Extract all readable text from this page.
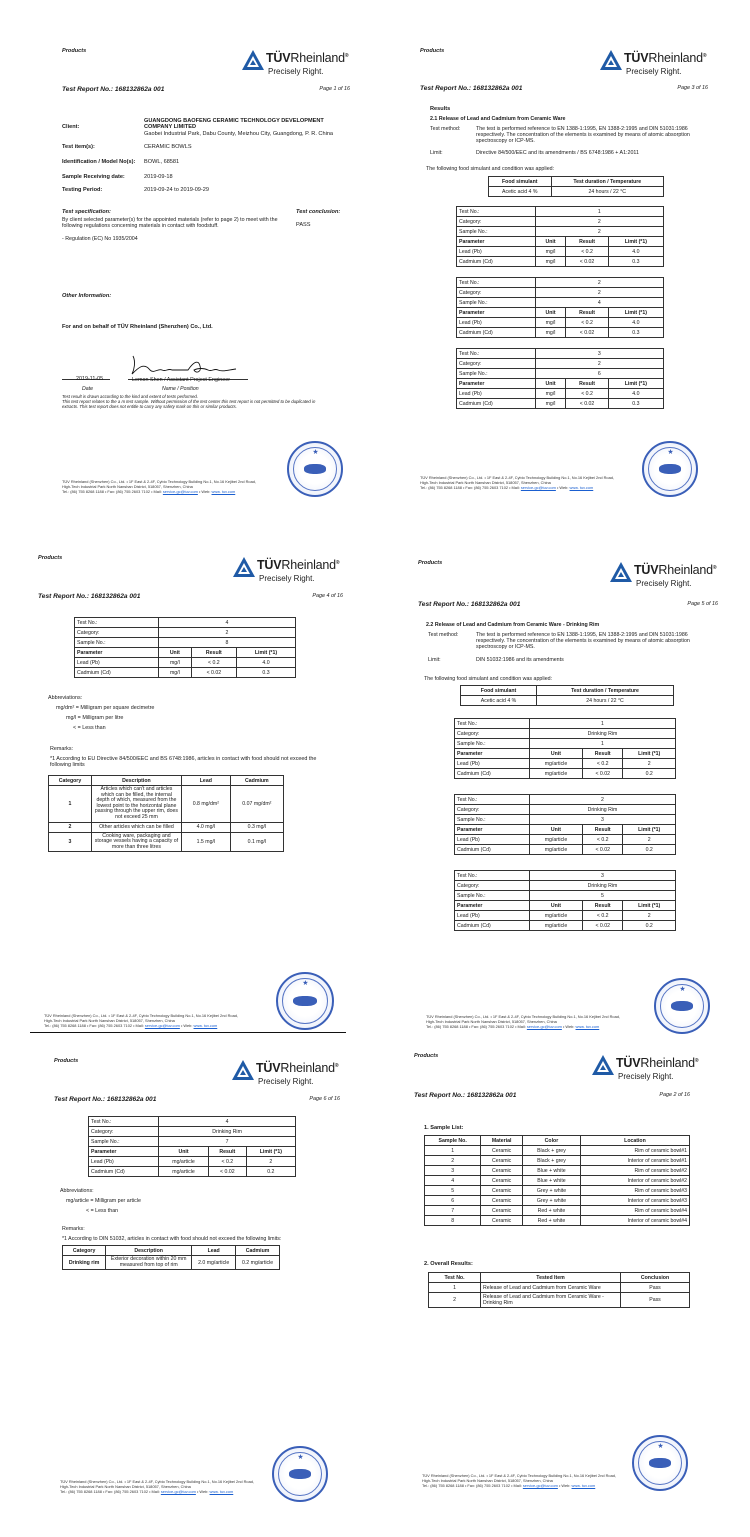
Products	TÜVRheinland®
Precisely Right.
Test Report No.: 168132862a 001	Page 1 of 16
Client:
GUANGDONG BAOFENG CERAMIC TECHNOLOGY DEVELOPMENT COMPANY LIMITED
Gaobei Industrial Park, Dabu County, Meizhou City, Guangdong, P. R. China
Test item(s):	CERAMIC BOWLS
Identification / Model No(s): BOWL, 68581
Sample Receiving date:	2019-09-18
Testing Period:	2019-09-24 to 2019-09-29
Test specification:	Test conclusion:
By client selected parameter(s) for the appointed materials (refer to page 2) to meet with the following regulations concerning materials in contact with foodstuff.	PASS
- Regulation (EC) No 1935/2004
Other Information:
For and on behalf of TÜV Rheinland (Shenzhen) Co., Ltd.
2019-11-05
Date
Lemon Shen / Assistant Project Engineer
Name / Position
Test result is drawn according to the kind and extent of tests performed.
This test report relates to the a m test sample. Without permission of the test center this test report is not permitted to be duplicated in
extracts. This test report does not entitle to carry any safety mark on this or similar products.
★
TÜV Rheinland (Shenzhen) Co., Ltd. • 1F East & 2-4F, Cybio Technology Building No.1, No.16 Kejibei 2nd Road,
High-Tech Industrial Park North Nanshan District, 518057, Shenzhen, China
Tel.: (86) 755 8268 1188 • Fax: (86) 755 2603 7102 • Mail: service-gc@tuv.com • Web: www. tuv.com
Products	TÜVRheinland®
Precisely Right.
Test Report No.: 168132862a 001	Page 3 of 16
Results
2.1 Release of Lead and Cadmium from Ceramic Ware
Test method:	The test is performed reference to EN 1388-1:1995, EN 1388-2:1995 and DIN 51031:1986 respectively. The concentration of the elements is examined by means of atomic absorption spectroscopy or ICP-MS.
Limit:	Directive 84/500/EEC and its amendments / BS 6748:1986 + A1:2011
The following food simulant and condition was applied:
Food simulant	Test duration / Temperature
Acetic acid 4 %	24 hours / 22 °C
Test No.:	1		
Category:	2		
Sample No.:	2		
Parameter	Unit	Result	Limit (*1)
Lead (Pb)	mg/l	< 0.2	4.0
Cadmium (Cd)	mg/l	< 0.02	0.3
Test No.:	2		
Category:	2		
Sample No.:	4		
Parameter	Unit	Result	Limit (*1)
Lead (Pb)	mg/l	< 0.2	4.0
Cadmium (Cd)	mg/l	< 0.02	0.3
Test No.:	3		
Category:	2		
Sample No.:	6		
Parameter	Unit	Result	Limit (*1)
Lead (Pb)	mg/l	< 0.2	4.0
Cadmium (Cd)	mg/l	< 0.02	0.3
★
TÜV Rheinland (Shenzhen) Co., Ltd. • 1F East & 2-4F, Cybio Technology Building No.1, No.16 Kejibei 2nd Road,
High-Tech Industrial Park North Nanshan District, 518057, Shenzhen, China
Tel.: (86) 755 8268 1188 • Fax: (86) 755 2603 7102 • Mail: service-gc@tuv.com • Web: www. tuv.com
Products	TÜVRheinland®
Precisely Right.
Test Report No.: 168132862a 001	Page 4 of 16
Test No.:	4		
Category:	2		
Sample No.:	8		
Parameter	Unit	Result	Limit (*1)
Lead (Pb)	mg/l	< 0.2	4.0
Cadmium (Cd)	mg/l	< 0.02	0.3
Abbreviations:
mg/dm² = Milligram per square decimetre
mg/l = Milligram per litre
< = Less than
Remarks:
*1 According to EU Directive 84/500/EEC and BS 6748:1986, articles in contact with food should not exceed the following limits
Category	Description	Lead	Cadmium
1	Articles which can't and articles which can be filled, the internal depth of which, measured from the lowest point to the horizontal plane passing through the upper rim, does not exceed 25 mm	0.8 mg/dm²	0.07 mg/dm²
2	Other articles which can be filled	4.0 mg/l	0.3 mg/l
3	Cooking ware, packaging and storage vessels having a capacity of more than three litres	1.5 mg/l	0.1 mg/l
★
TÜV Rheinland (Shenzhen) Co., Ltd. • 1F East & 2-4F, Cybio Technology Building No.1, No.16 Kejibei 2nd Road,
High-Tech Industrial Park North Nanshan District, 518057, Shenzhen, China
Tel.: (86) 755 8268 1188 • Fax: (86) 755 2603 7102 • Mail: service-gc@tuv.com • Web: www. tuv.com
Products	TÜVRheinland®
Precisely Right.
Test Report No.: 168132862a 001	Page 5 of 16
2.2 Release of Lead and Cadmium from Ceramic Ware - Drinking Rim
Test method:	The test is performed reference to EN 1388-1:1995, EN 1388-2:1995 and DIN 51031:1986 respectively. The concentration of the elements is examined by means of atomic absorption spectroscopy or ICP-MS.
Limit:	DIN 51032:1986 and its amendments
The following food simulant and condition was applied:
Food simulant	Test duration / Temperature
Acetic acid 4 %	24 hours / 22 °C
Test No.:	1		
Category:	Drinking Rim		
Sample No.:	1		
Parameter	Unit	Result	Limit (*1)
Lead (Pb)	mg/article	< 0.2	2
Cadmium (Cd)	mg/article	< 0.02	0.2
Test No.:	2		
Category:	Drinking Rim		
Sample No.:	3		
Parameter	Unit	Result	Limit (*1)
Lead (Pb)	mg/article	< 0.2	2
Cadmium (Cd)	mg/article	< 0.02	0.2
Test No.:	3		
Category:	Drinking Rim		
Sample No.:	5		
Parameter	Unit	Result	Limit (*1)
Lead (Pb)	mg/article	< 0.2	2
Cadmium (Cd)	mg/article	< 0.02	0.2
★
TÜV Rheinland (Shenzhen) Co., Ltd. • 1F East & 2-4F, Cybio Technology Building No.1, No.16 Kejibei 2nd Road,
High-Tech Industrial Park North Nanshan District, 518057, Shenzhen, China
Tel.: (86) 755 8268 1188 • Fax: (86) 755 2603 7102 • Mail: service-gc@tuv.com • Web: www. tuv.com
Products	TÜVRheinland®
Precisely Right.
Test Report No.: 168132862a 001	Page 6 of 16
Test No.:	4		
Category:	Drinking Rim		
Sample No.:	7		
Parameter	Unit	Result	Limit (*1)
Lead (Pb)	mg/article	< 0.2	2
Cadmium (Cd)	mg/article	< 0.02	0.2
Abbreviations:
mg/article = Milligram per article
< = Less than
Remarks:
*1 According to DIN 51032, articles in contact with food should not exceed the following limits:
Category	Description	Lead	Cadmium
Drinking rim	Exterior decoration within 20 mm measured from top of rim	2.0 mg/article	0.2 mg/article
★
TÜV Rheinland (Shenzhen) Co., Ltd. • 1F East & 2-4F, Cybio Technology Building No.1, No.16 Kejibei 2nd Road,
High-Tech Industrial Park North Nanshan District, 518057, Shenzhen, China
Tel.: (86) 755 8268 1188 • Fax: (86) 755 2603 7102 • Mail: service-gc@tuv.com • Web: www. tuv.com
Products	TÜVRheinland®
Precisely Right.
Test Report No.: 168132862a 001	Page 2 of 16
1. Sample List:
Sample No.	Material	Color	Location
1	Ceramic	Black + grey	Rim of ceramic bowl#1
2	Ceramic	Black + grey	Interior of ceramic bowl#1
3	Ceramic	Blue + white	Rim of ceramic bowl#2
4	Ceramic	Blue + white	Interior of ceramic bowl#2
5	Ceramic	Grey + white	Rim of ceramic bowl#3
6	Ceramic	Grey + white	Interior of ceramic bowl#3
7	Ceramic	Red + white	Rim of ceramic bowl#4
8	Ceramic	Red + white	Interior of ceramic bowl#4
2. Overall Results:
Test No.	Tested Item	Conclusion
1	Release of Lead and Cadmium from Ceramic Ware	Pass
2	Release of Lead and Cadmium from Ceramic Ware - Drinking Rim	Pass
★
TÜV Rheinland (Shenzhen) Co., Ltd. • 1F East & 2-4F, Cybio Technology Building No.1, No.16 Kejibei 2nd Road,
High-Tech Industrial Park North Nanshan District, 518057, Shenzhen, China
Tel.: (86) 755 8268 1188 • Fax: (86) 755 2603 7102 • Mail: service-gc@tuv.com • Web: www. tuv.com
